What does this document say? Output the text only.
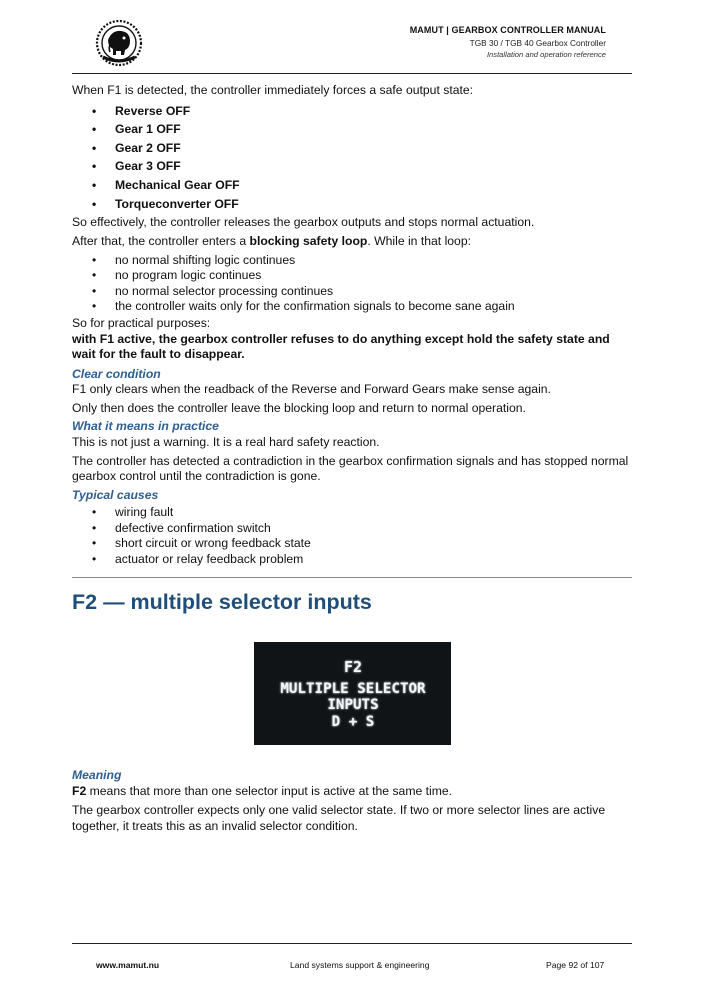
MAMUT | GEARBOX CONTROLLER MANUAL
TGB 30 / TGB 40 Gearbox Controller
Installation and operation reference

When F1 is detected, the controller immediately forces a safe output state:

• Reverse OFF
• Gear 1 OFF
• Gear 2 OFF
• Gear 3 OFF
• Mechanical Gear OFF
• Torqueconverter OFF

So effectively, the controller releases the gearbox outputs and stops normal actuation.

After that, the controller enters a blocking safety loop. While in that loop:

• no normal shifting logic continues
• no program logic continues
• no normal selector processing continues
• the controller waits only for the confirmation signals to become sane again

So for practical purposes:

with F1 active, the gearbox controller refuses to do anything except hold the safety state and wait for the fault to disappear.

Clear condition

F1 only clears when the readback of the Reverse and Forward Gears make sense again.

Only then does the controller leave the blocking loop and return to normal operation.

What it means in practice

This is not just a warning. It is a real hard safety reaction.

The controller has detected a contradiction in the gearbox confirmation signals and has stopped normal gearbox control until the contradiction is gone.

Typical causes
• wiring fault
• defective confirmation switch
• short circuit or wrong feedback state
• actuator or relay feedback problem
F2 — multiple selector inputs
F2
MULTIPLE SELECTOR
INPUTS
D + S
Meaning

F2 means that more than one selector input is active at the same time.

The gearbox controller expects only one valid selector state. If two or more selector lines are active together, it treats this as an invalid selector condition.

www.mamut.nu	Land systems support & engineering	Page 92 of 107
